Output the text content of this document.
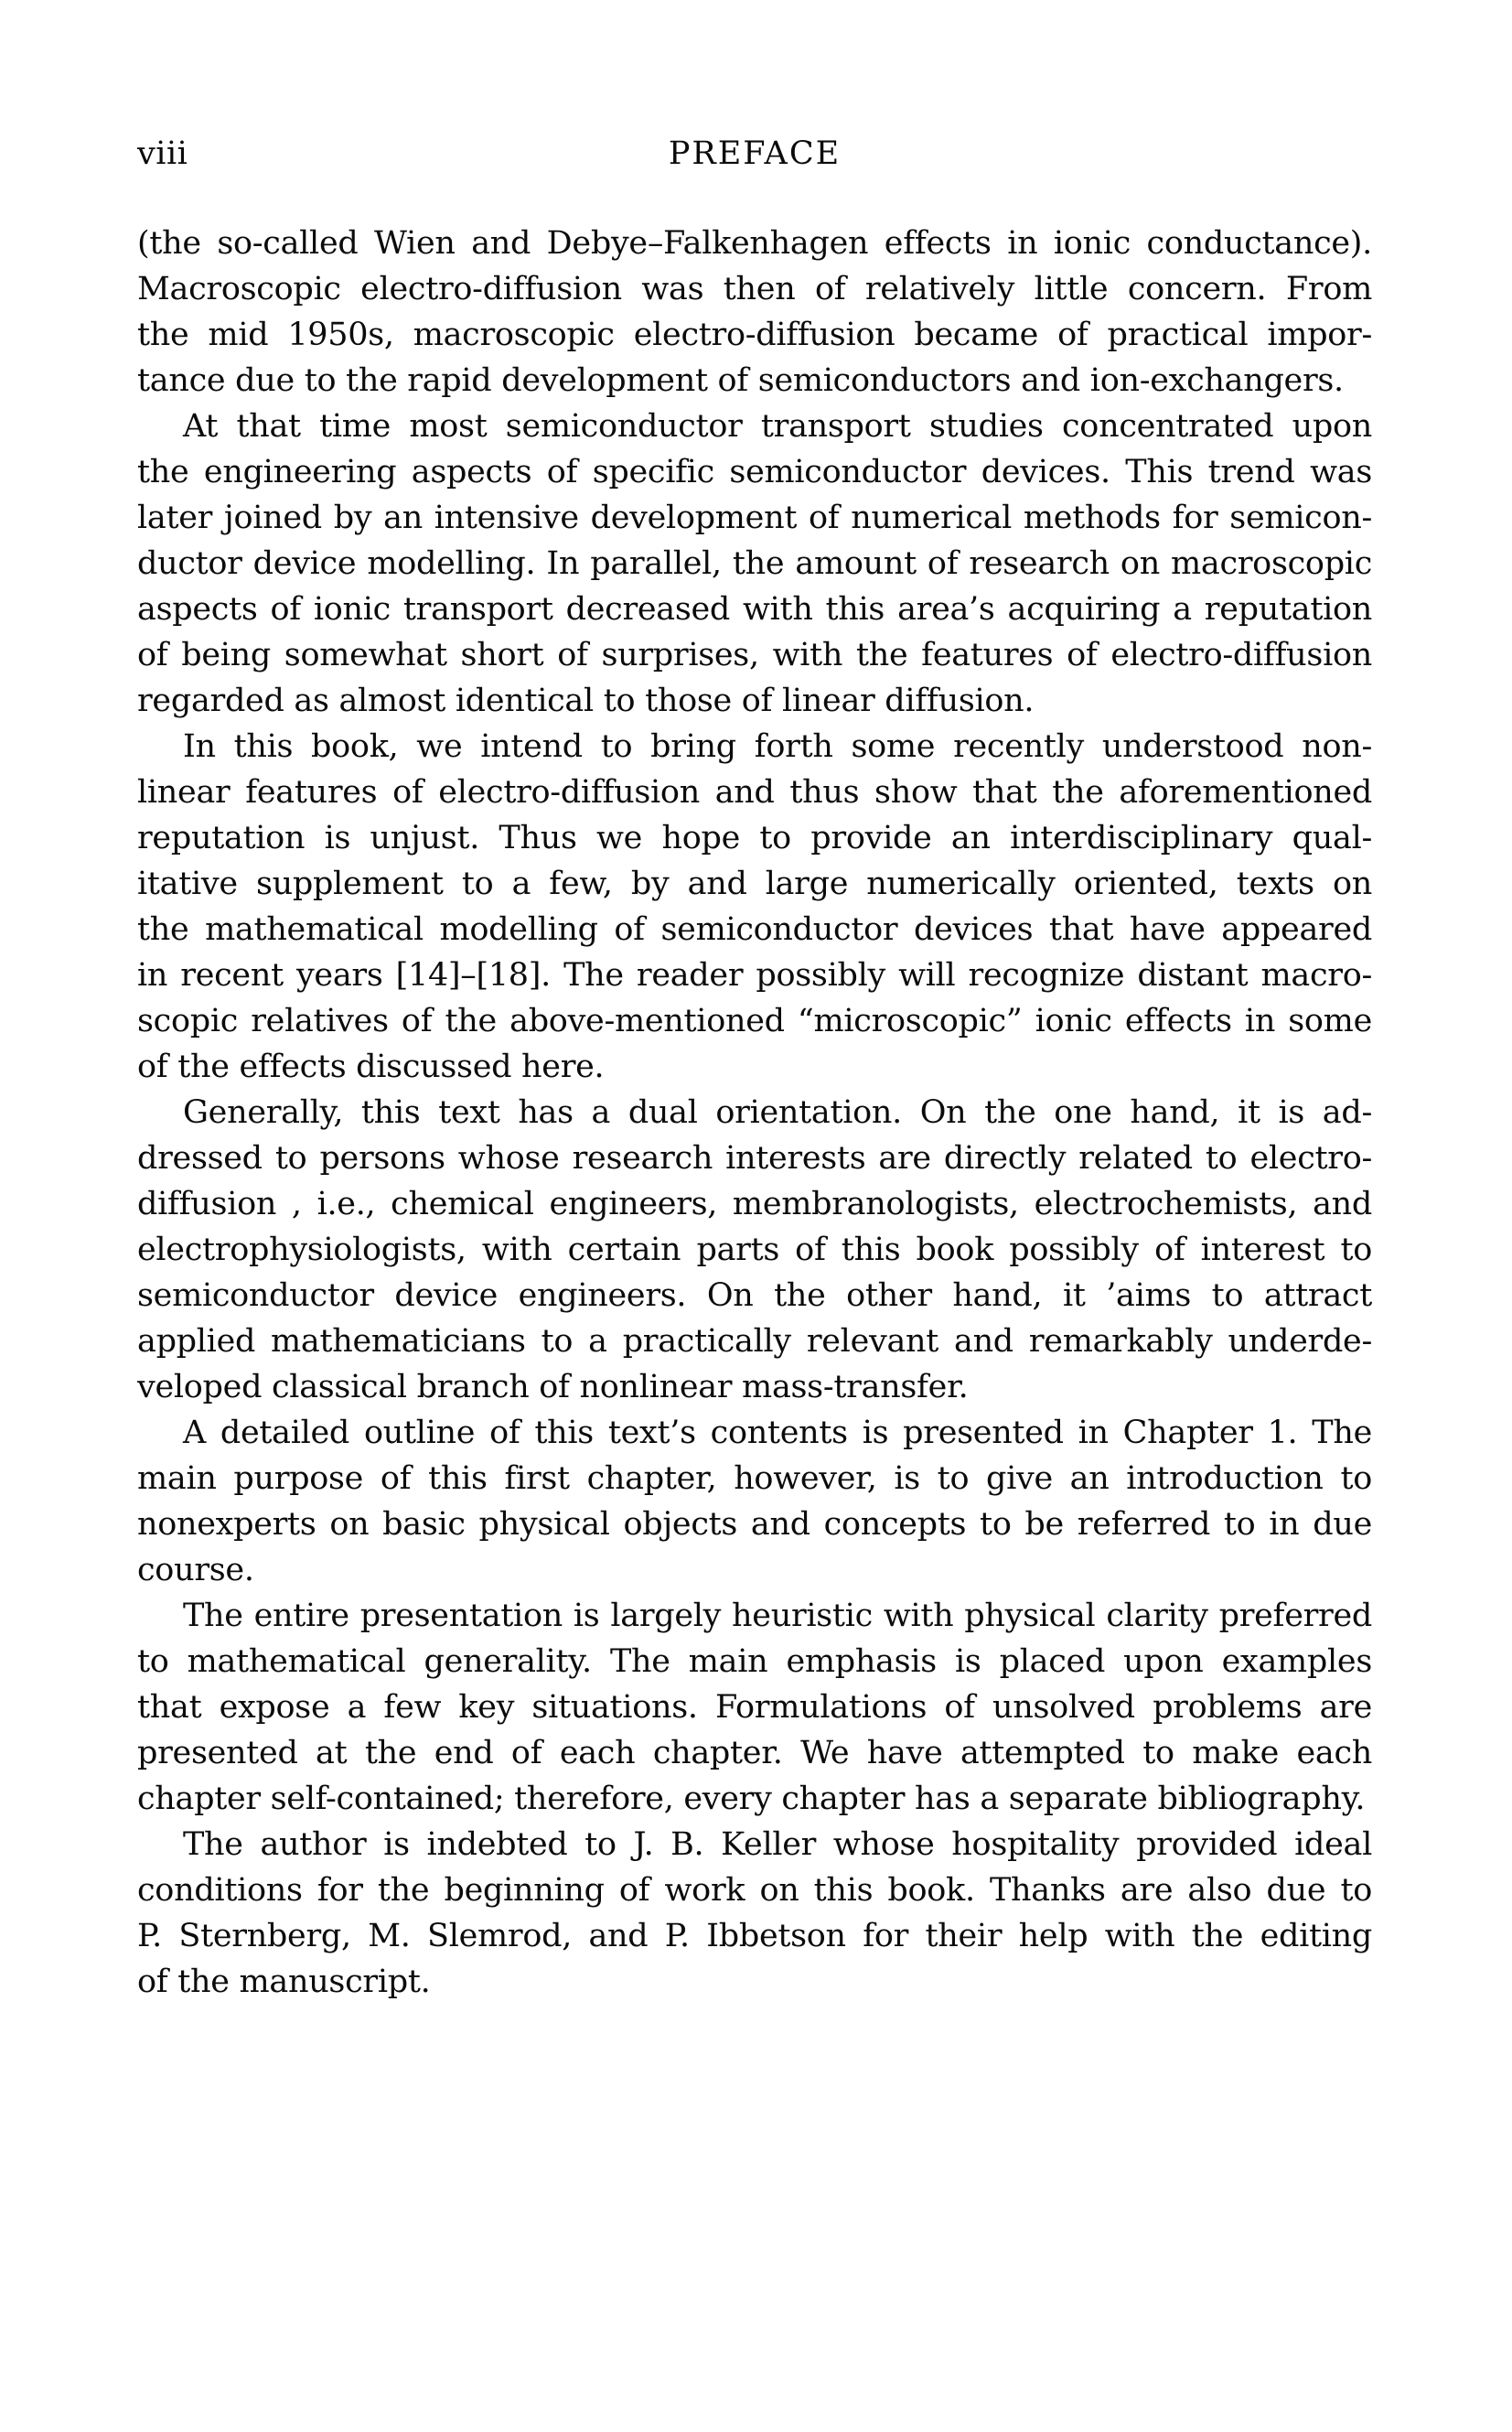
viii	PREFACE
(the so-called Wien and Debye–Falkenhagen effects in ionic conductance).
Macroscopic electro-diffusion was then of relatively little concern. From
the mid 1950s, macroscopic electro-diffusion became of practical impor-
tance due to the rapid development of semiconductors and ion-exchangers.
At that time most semiconductor transport studies concentrated upon
the engineering aspects of specific semiconductor devices. This trend was
later joined by an intensive development of numerical methods for semicon-
ductor device modelling. In parallel, the amount of research on macroscopic
aspects of ionic transport decreased with this area’s acquiring a reputation
of being somewhat short of surprises, with the features of electro-diffusion
regarded as almost identical to those of linear diffusion.
In this book, we intend to bring forth some recently understood non-
linear features of electro-diffusion and thus show that the aforementioned
reputation is unjust. Thus we hope to provide an interdisciplinary qual-
itative supplement to a few, by and large numerically oriented, texts on
the mathematical modelling of semiconductor devices that have appeared
in recent years [14]–[18]. The reader possibly will recognize distant macro-
scopic relatives of the above-mentioned “microscopic” ionic effects in some
of the effects discussed here.
Generally, this text has a dual orientation. On the one hand, it is ad-
dressed to persons whose research interests are directly related to electro-
diffusion , i.e., chemical engineers, membranologists, electrochemists, and
electrophysiologists, with certain parts of this book possibly of interest to
semiconductor device engineers. On the other hand, it ’aims to attract
applied mathematicians to a practically relevant and remarkably underde-
veloped classical branch of nonlinear mass-transfer.
A detailed outline of this text’s contents is presented in Chapter 1. The
main purpose of this first chapter, however, is to give an introduction to
nonexperts on basic physical objects and concepts to be referred to in due
course.
The entire presentation is largely heuristic with physical clarity preferred
to mathematical generality. The main emphasis is placed upon examples
that expose a few key situations. Formulations of unsolved problems are
presented at the end of each chapter. We have attempted to make each
chapter self-contained; therefore, every chapter has a separate bibliography.
The author is indebted to J. B. Keller whose hospitality provided ideal
conditions for the beginning of work on this book. Thanks are also due to
P. Sternberg, M. Slemrod, and P. Ibbetson for their help with the editing
of the manuscript.
